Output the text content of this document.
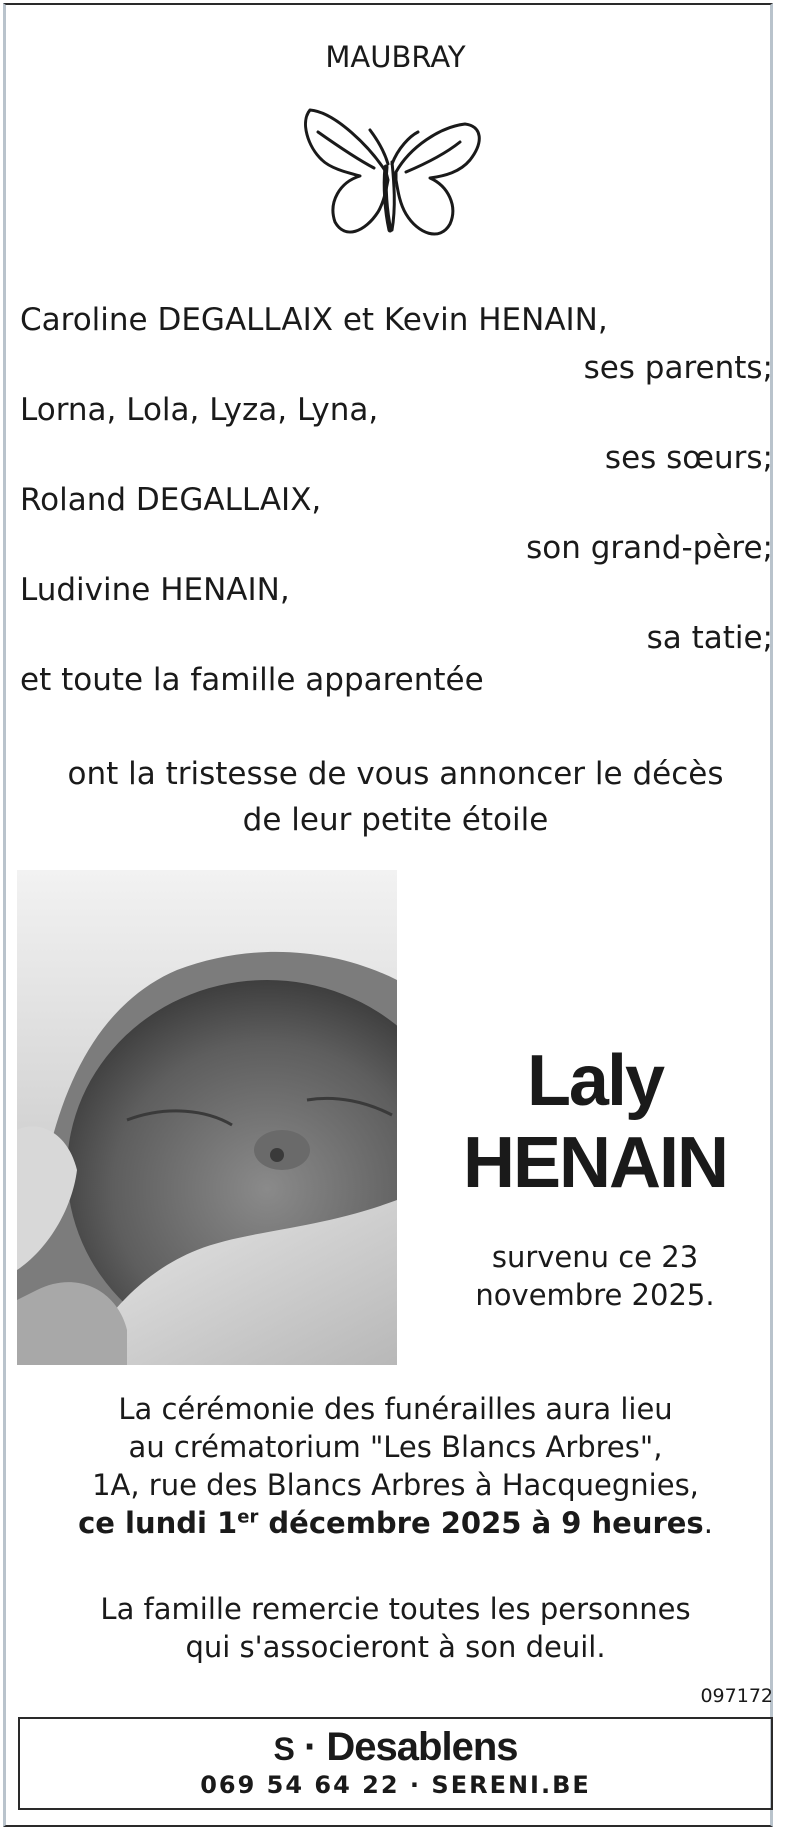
MAUBRAY
Caroline DEGALLAIX et Kevin HENAIN,
ses parents;
Lorna, Lola, Lyza, Lyna,
ses sœurs;
Roland DEGALLAIX,
son grand-père;
Ludivine HENAIN,
sa tatie;
et toute la famille apparentée
ont la tristesse de vous annoncer le décès
de leur petite étoile
Laly
HENAIN
survenu ce 23
novembre 2025.
La cérémonie des funérailles aura lieu
au crématorium "Les Blancs Arbres",
1A, rue des Blancs Arbres à Hacquegnies,
ce lundi 1er décembre 2025 à 9 heures.
La famille remercie toutes les personnes
qui s'associeront à son deuil.
097172
S · Desablens
069 54 64 22 · SERENI.BE
